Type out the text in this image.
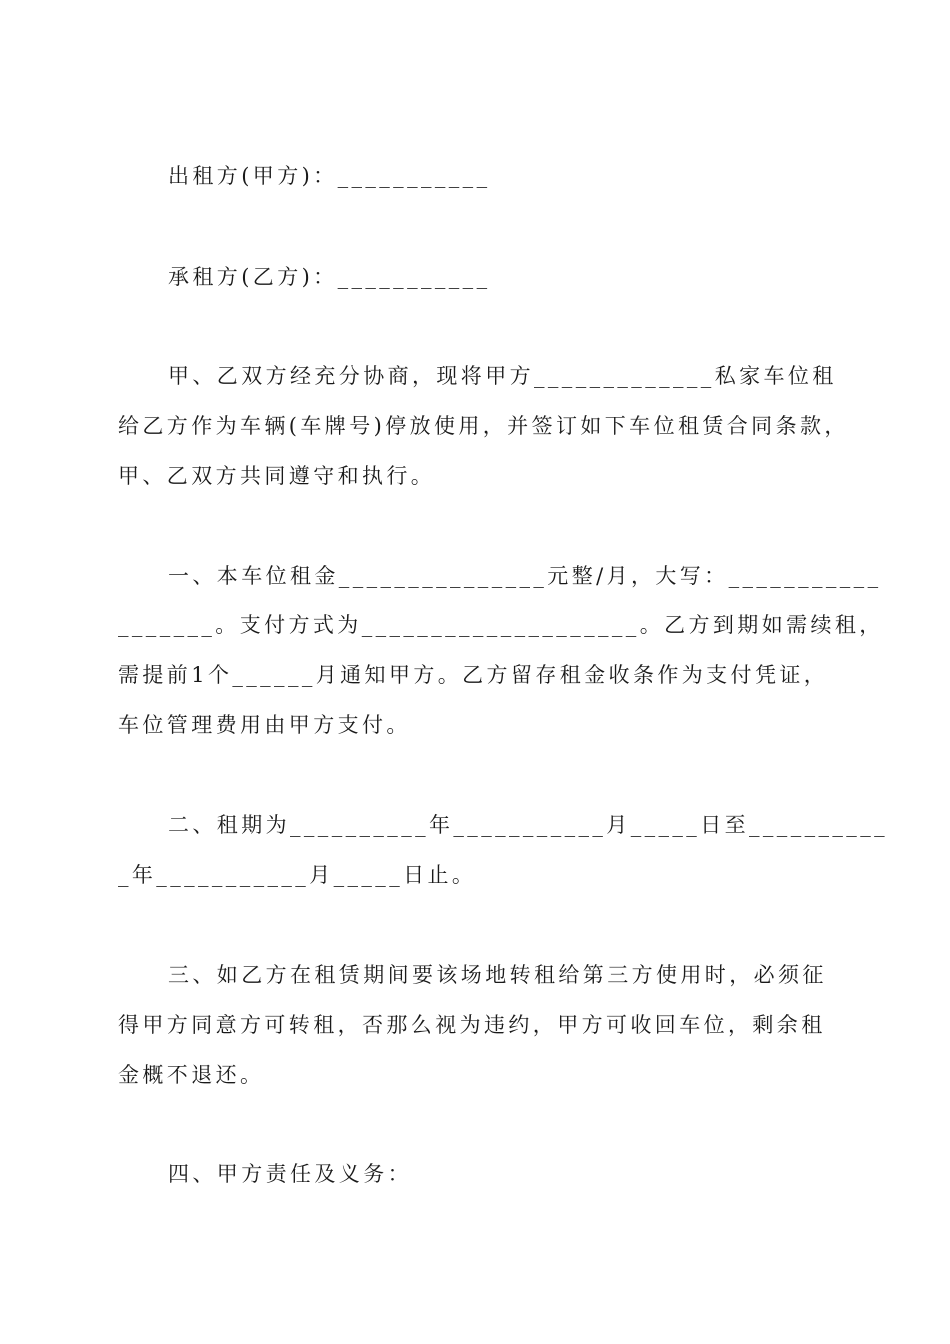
出租方(甲方)：___________
承租方(乙方)：___________
甲、乙双方经充分协商，现将甲方_____________私家车位租
给乙方作为车辆(车牌号)停放使用，并签订如下车位租赁合同条款，
甲、乙双方共同遵守和执行。
一、本车位租金_______________元整/月，大写：___________
_______。支付方式为____________________。乙方到期如需续租，
需提前1个______月通知甲方。乙方留存租金收条作为支付凭证，
车位管理费用由甲方支付。
二、租期为__________年___________月_____日至__________
_年___________月_____日止。
三、如乙方在租赁期间要该场地转租给第三方使用时，必须征
得甲方同意方可转租，否那么视为违约，甲方可收回车位，剩余租
金概不退还。
四、甲方责任及义务：
